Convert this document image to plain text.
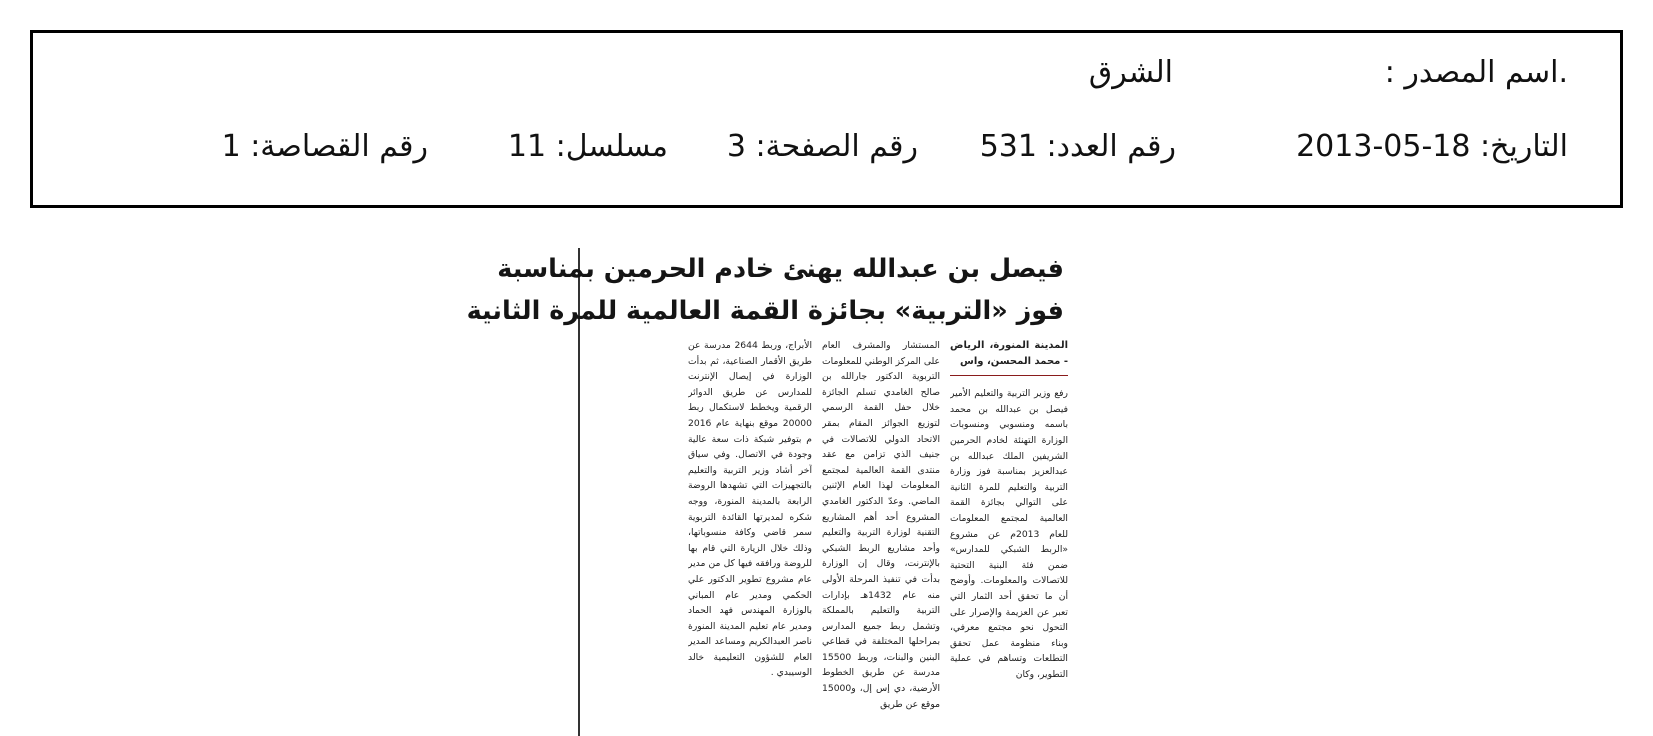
.اسم المصدر :
الشرق
التاريخ: 18-05-2013
رقم العدد: 531
رقم الصفحة: 3
مسلسل: 11
رقم القصاصة: 1

فيصل بن عبدالله يهنئ خادم الحرمين بمناسبة

فوز «التربية» بجائزة القمة العالمية للمرة الثانية

المدينة المنورة، الرياض - محمد المحسن، واس

رفع وزير التربية والتعليم الأمير فيصل بن عبدالله بن محمد باسمه ومنسوبي ومنسوبات الوزارة التهنئة لخادم الحرمين الشريفين الملك عبدالله بن عبدالعزيز بمناسبة فوز وزارة التربية والتعليم للمرة الثانية على التوالي بجائزة القمة العالمية لمجتمع المعلومات للعام 2013م عن مشروع «الربط الشبكي للمدارس» ضمن فئة البنية التحتية للاتصالات والمعلومات. وأوضح أن ما تحقق أحد الثمار التي تعبر عن العزيمة والإصرار على التحول نحو مجتمع معرفي، وبناء منظومة عمل تحقق التطلعات وتساهم في عملية التطوير، وكان

المستشار والمشرف العام على المركز الوطني للمعلومات التربوية الدكتور جارالله بن صالح الغامدي تسلم الجائزة خلال حفل القمة الرسمي لتوزيع الجوائز المقام بمقر الاتحاد الدولي للاتصالات في جنيف الذي تزامن مع عقد منتدى القمة العالمية لمجتمع المعلومات لهذا العام الإثنين الماضي. وعدّ الدكتور الغامدي المشروع أحد أهم المشاريع التقنية لوزارة التربية والتعليم وأحد مشاريع الربط الشبكي بالإنترنت، وقال إن الوزارة بدأت في تنفيذ المرحلة الأولى منه عام 1432هـ بإدارات التربية والتعليم بالمملكة وتشمل ربط جميع المدارس بمراحلها المختلفة في قطاعي البنين والبنات، وربط 15500 مدرسة عن طريق الخطوط الأرضية، دي إس إل، و15000 موقع عن طريق

الأبراج، وربط 2644 مدرسة عن طريق الأقمار الصناعية، ثم بدأت الوزارة في إيصال الإنترنت للمدارس عن طريق الدوائر الرقمية ويخطط لاستكمال ربط 20000 موقع بنهاية عام 2016 م بتوفير شبكة ذات سعة عالية وجودة في الاتصال. وفي سياق آخر أشاد وزير التربية والتعليم بالتجهيزات التي تشهدها الروضة الرابعة بالمدينة المنورة، ووجه شكره لمديرتها القائدة التربوية سمر قاضي وكافة منسوباتها، وذلك خلال الزيارة التي قام بها للروضة ورافقه فيها كل من مدير عام مشروع تطوير الدكتور علي الحكمي ومدير عام المباني بالوزارة المهندس فهد الحماد ومدير عام تعليم المدينة المنورة ناصر العبدالكريم ومساعد المدير العام للشؤون التعليمية خالد الوسيبدي .
